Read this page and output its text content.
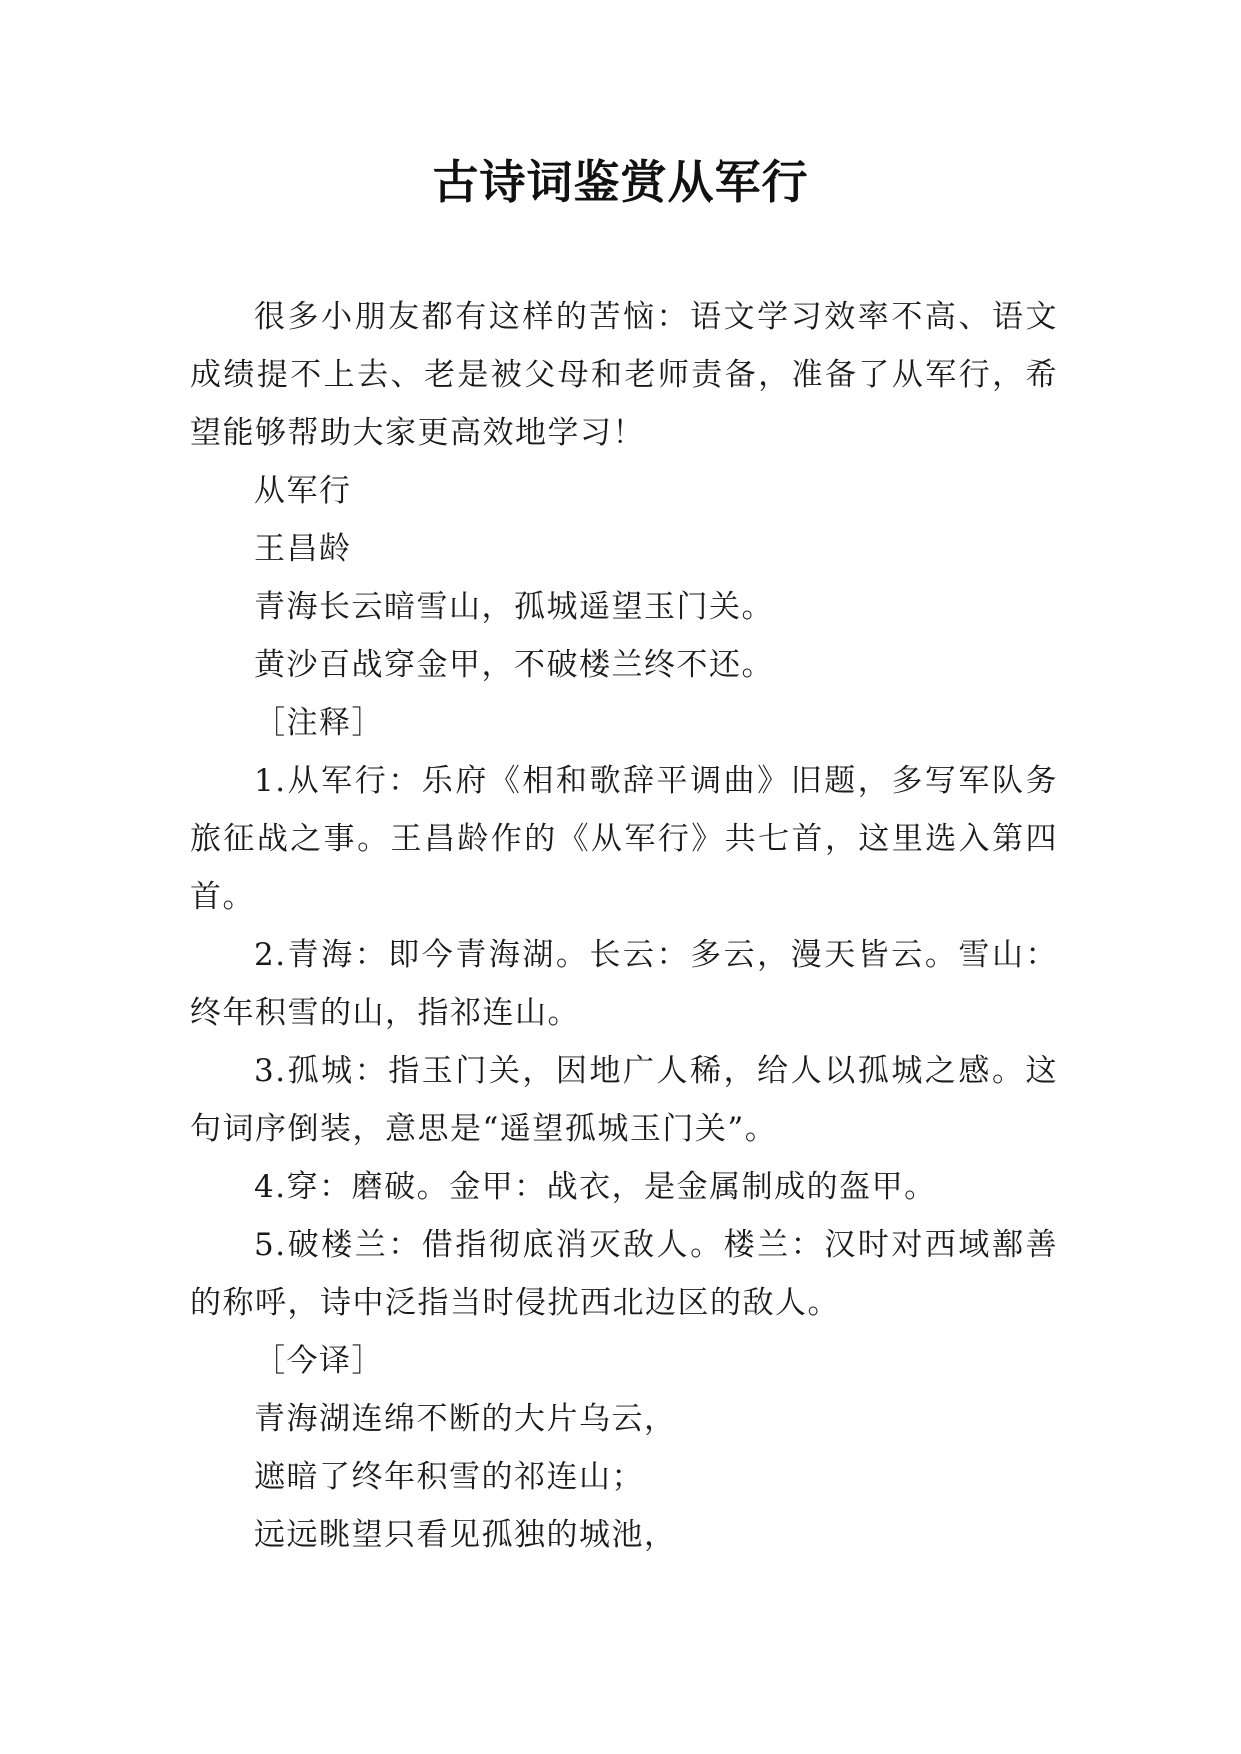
古诗词鉴赏从军行

很多小朋友都有这样的苦恼：语文学习效率不高、语文成绩提不上去、老是被父母和老师责备，准备了从军行，希望能够帮助大家更高效地学习！

从军行

王昌龄

青海长云暗雪山，孤城遥望玉门关。

黄沙百战穿金甲，不破楼兰终不还。

［注释］

1.从军行：乐府《相和歌辞平调曲》旧题，多写军队务旅征战之事。王昌龄作的《从军行》共七首，这里选入第四首。

2.青海：即今青海湖。长云：多云，漫天皆云。雪山：终年积雪的山，指祁连山。

3.孤城：指玉门关，因地广人稀，给人以孤城之感。这句词序倒装，意思是“遥望孤城玉门关”。

4.穿：磨破。金甲：战衣，是金属制成的盔甲。

5.破楼兰：借指彻底消灭敌人。楼兰：汉时对西域鄯善的称呼，诗中泛指当时侵扰西北边区的敌人。

［今译］

青海湖连绵不断的大片乌云，

遮暗了终年积雪的祁连山；

远远眺望只看见孤独的城池，
